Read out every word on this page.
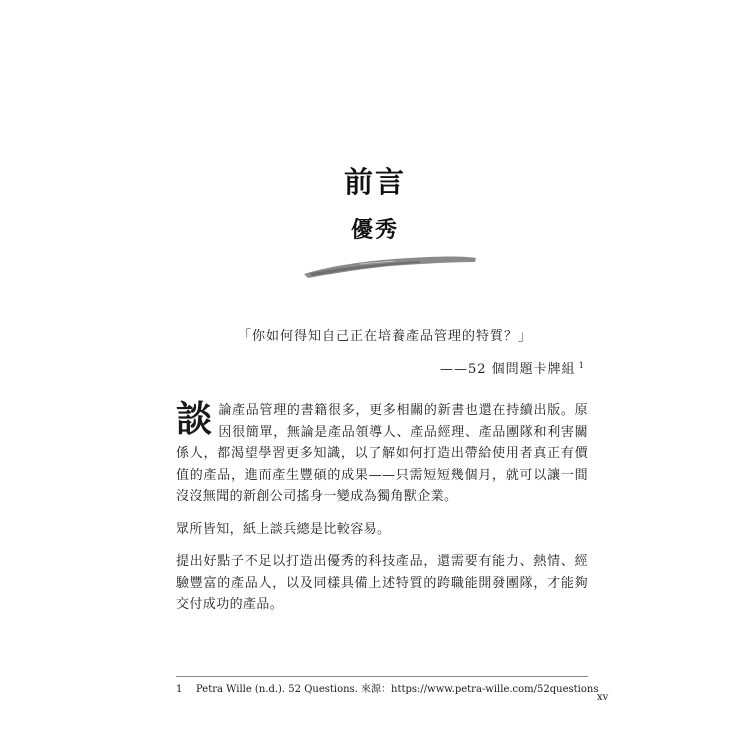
前言
優秀
「你如何得知自己正在培養產品管理的特質？」
——52 個問題卡牌組 $^1$

談論產品管理的書籍很多，更多相關的新書也還在持續出版。原因很簡單，無論是產品領導人、產品經理、產品團隊和利害關係人，都渴望學習更多知識，以了解如何打造出帶給使用者真正有價值的產品，進而產生豐碩的成果——只需短短幾個月，就可以讓一間沒沒無聞的新創公司搖身一變成為獨角獸企業。

眾所皆知，紙上談兵總是比較容易。

提出好點子不足以打造出優秀的科技產品，還需要有能力、熱情、經驗豐富的產品人，以及同樣具備上述特質的跨職能開發團隊，才能夠交付成功的產品。

1 Petra Wille (n.d.). 52 Questions. 來源：https://www.petra-wille.com/52questions
xv
